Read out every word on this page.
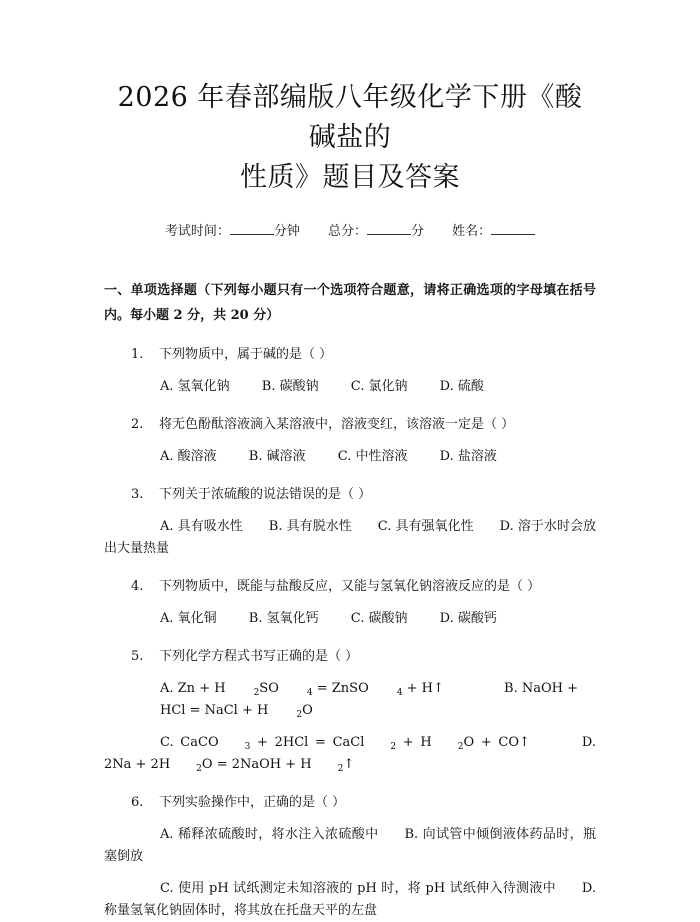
2026 年春部编版八年级化学下册《酸碱盐的
性质》题目及答案
考试时间：	分钟 总分：	分 姓名：
一、单项选择题（下列每小题只有一个选项符合题意，请将正确选项的字母填在括号内。每小题 2 分，共 20 分）
1. 下列物质中，属于碱的是（ ）
A. 氢氧化钠 B. 碳酸钠 C. 氯化钠 D. 硫酸
2. 将无色酚酞溶液滴入某溶液中，溶液变红，该溶液一定是（ ）
A. 酸溶液 B. 碱溶液 C. 中性溶液 D. 盐溶液
3. 下列关于浓硫酸的说法错误的是（ ）
A. 具有吸水性 B. 具有脱水性 C. 具有强氧化性 D. 溶于水时会放出大量热量
4. 下列物质中，既能与盐酸反应，又能与氢氧化钠溶液反应的是（ ）
A. 氧化铜 B. 氢氧化钙 C. 碳酸钠 D. 碳酸钙
5. 下列化学方程式书写正确的是（ ）
A. Zn + H	$_2$SO	$_4$ = ZnSO	$_4$ + H↑	B. NaOH + HCl = NaCl + H	$_2$O
C. CaCO	$_3$ + 2HCl = CaCl	$_2$ + H	$_2$O + CO↑	D. 2Na + 2H	$_2$O = 2NaOH + H	$_2$↑
6. 下列实验操作中，正确的是（ ）
A. 稀释浓硫酸时，将水注入浓硫酸中 B. 向试管中倾倒液体药品时，瓶塞倒放
C. 使用 pH 试纸测定未知溶液的 pH 时，将 pH 试纸伸入待测液中 D. 称量氢氧化钠固体时，将其放在托盘天平的左盘
